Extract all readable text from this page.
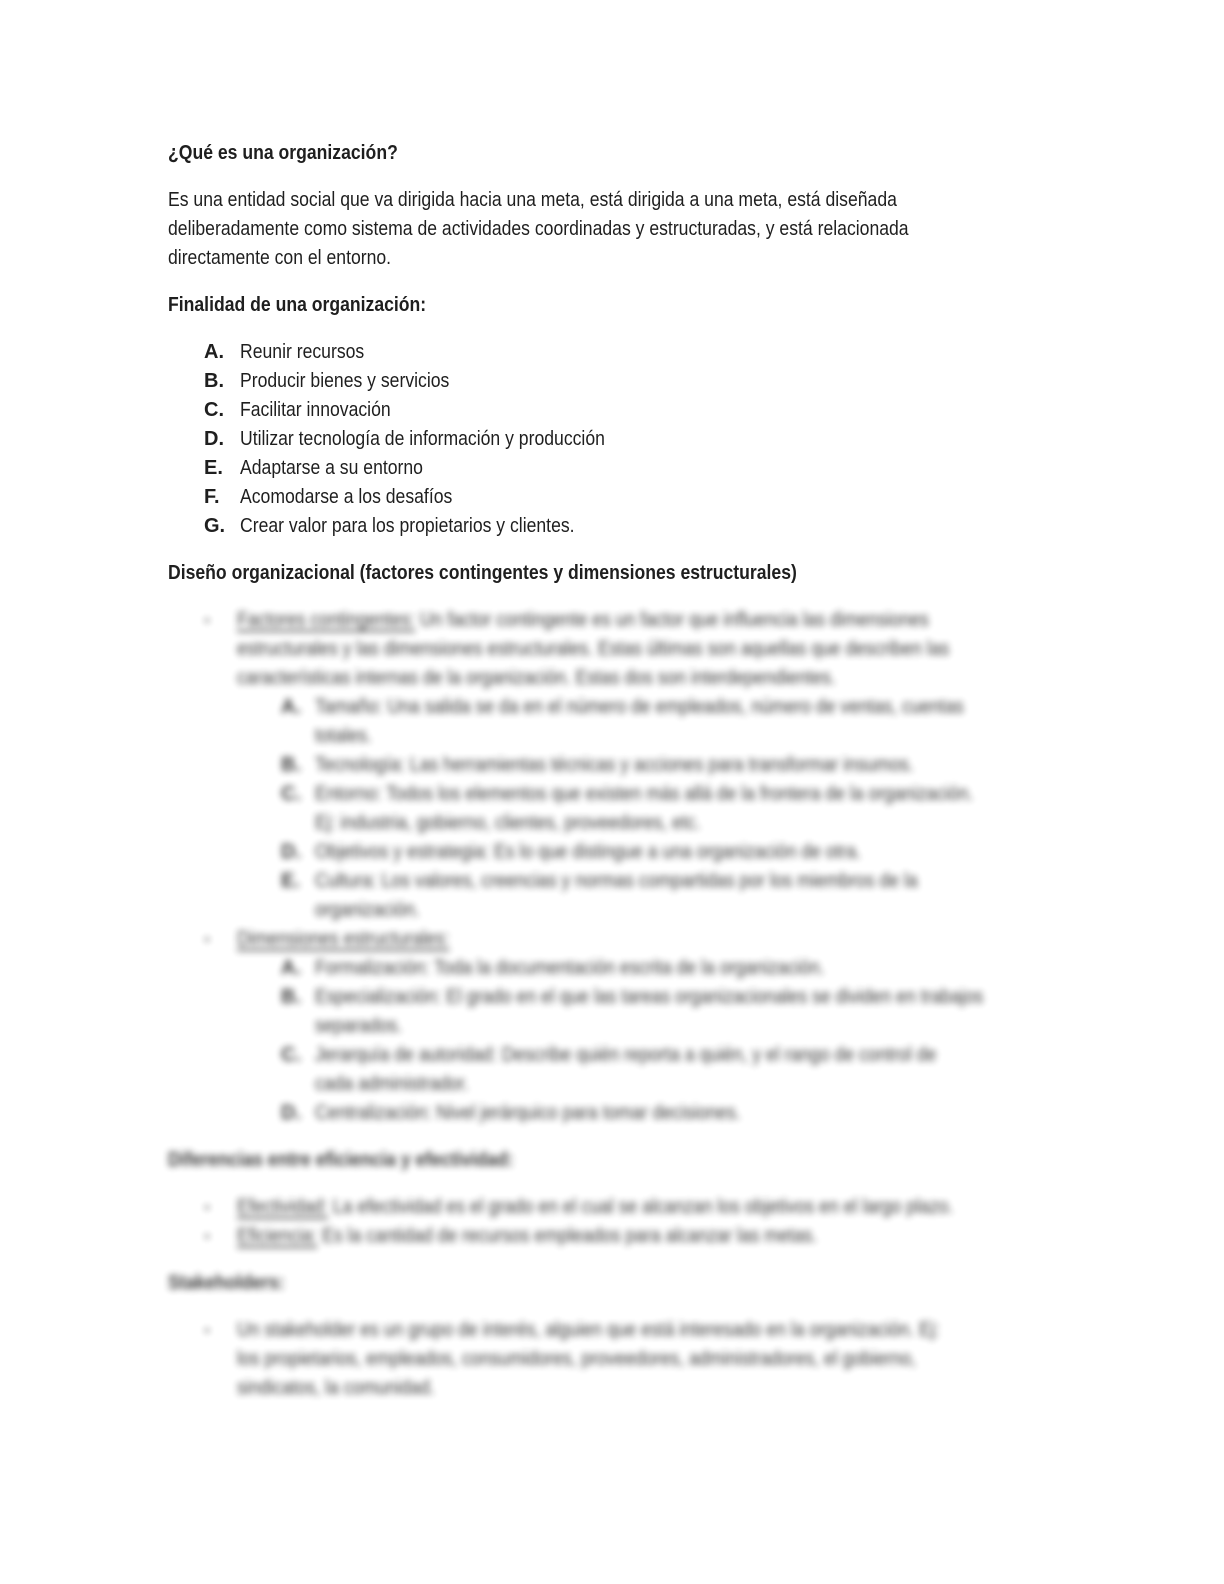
¿Qué es una organización?
Es una entidad social que va dirigida hacia una meta, está dirigida a una meta, está diseñada
deliberadamente como sistema de actividades coordinadas y estructuradas, y está relacionada
directamente con el entorno.
Finalidad de una organización:
A. Reunir recursos
B. Producir bienes y servicios
C. Facilitar innovación
D. Utilizar tecnología de información y producción
E. Adaptarse a su entorno
F.	Acomodarse a los desafíos
G. Crear valor para los propietarios y clientes.
Diseño organizacional (factores contingentes y dimensiones estructurales)
▪	Factores contingentes: Un factor contingente es un factor que influencia las dimensiones
estructurales y las dimensiones estructurales. Estas últimas son aquellas que describen las
características internas de la organización. Estas dos son interdependientes.
A. Tamaño: Una salida se da en el número de empleados, número de ventas, cuentas
totales.
B. Tecnología: Las herramientas técnicas y acciones para transformar insumos.
C. Entorno: Todos los elementos que existen más allá de la frontera de la organización.
Ej: industria, gobierno, clientes, proveedores, etc.
D. Objetivos y estrategia: Es lo que distingue a una organización de otra.
E. Cultura: Los valores, creencias y normas compartidas por los miembros de la
organización.
▪	Dimensiones estructurales:
A. Formalización: Toda la documentación escrita de la organización.
B. Especialización: El grado en el que las tareas organizacionales se dividen en trabajos
separados.
C. Jerarquía de autoridad: Describe quién reporta a quién, y el rango de control de
cada administrador.
D. Centralización: Nivel jerárquico para tomar decisiones.
Diferencias entre eficiencia y efectividad:
▪	Efectividad: La efectividad es el grado en el cual se alcanzan los objetivos en el largo plazo.
▪	Eficiencia: Es la cantidad de recursos empleados para alcanzar las metas.
Stakeholders:
▪	Un stakeholder es un grupo de interés, alguien que está interesado en la organización. Ej:
los propietarios, empleados, consumidores, proveedores, administradores, el gobierno,
sindicatos, la comunidad.
